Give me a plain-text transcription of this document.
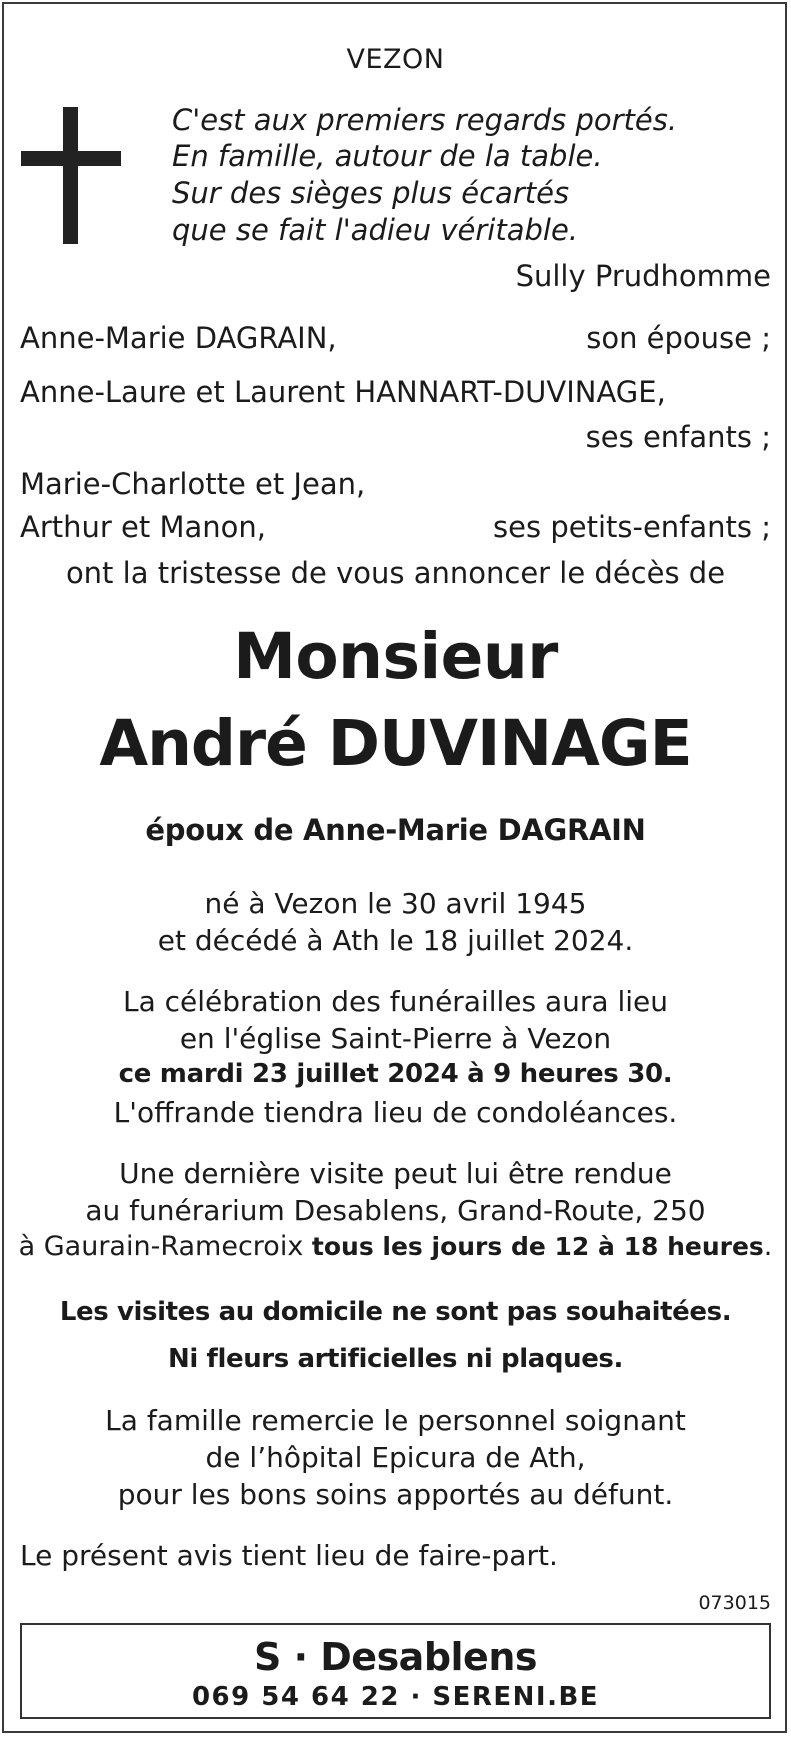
VEZON
C'est aux premiers regards portés.
En famille, autour de la table.
Sur des sièges plus écartés
que se fait l'adieu véritable.
Sully Prudhomme
Anne-Marie DAGRAIN,	son épouse ;
Anne-Laure et Laurent HANNART-DUVINAGE,
ses enfants ;
Marie-Charlotte et Jean,
Arthur et Manon,	ses petits-enfants ;
ont la tristesse de vous annoncer le décès de
Monsieur
André DUVINAGE
époux de Anne-Marie DAGRAIN
né à Vezon le 30 avril 1945
et décédé à Ath le 18 juillet 2024.
La célébration des funérailles aura lieu
en l'église Saint-Pierre à Vezon
ce mardi 23 juillet 2024 à 9 heures 30.
L'offrande tiendra lieu de condoléances.
Une dernière visite peut lui être rendue
au funérarium Desablens, Grand-Route, 250
à Gaurain-Ramecroix tous les jours de 12 à 18 heures.
Les visites au domicile ne sont pas souhaitées.
Ni fleurs artificielles ni plaques.
La famille remercie le personnel soignant
de l’hôpital Epicura de Ath,
pour les bons soins apportés au défunt.
Le présent avis tient lieu de faire-part.
073015
S · Desablens
069 54 64 22 · SERENI.BE
